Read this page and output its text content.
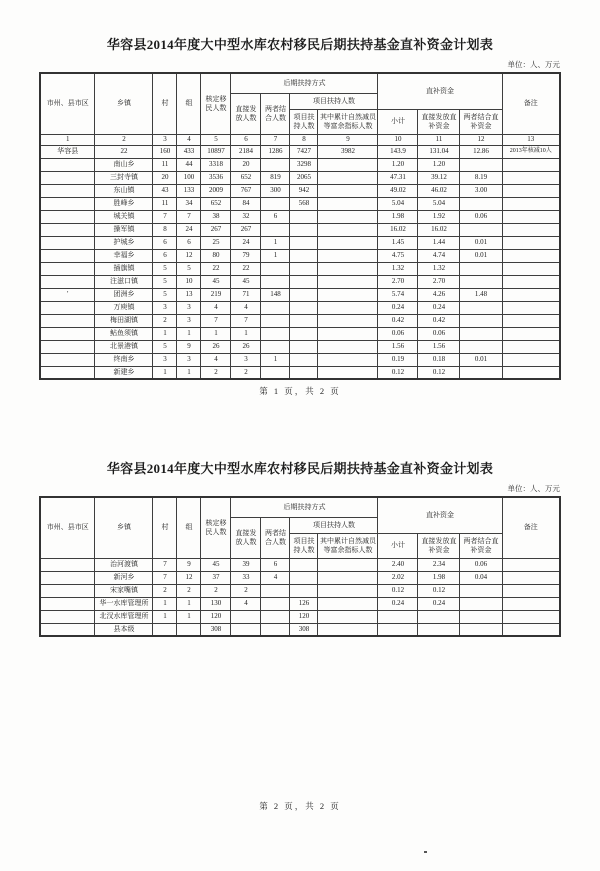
华容县2014年度大中型水库农村移民后期扶持基金直补资金计划表
单位：人、万元
市州、县市区	乡镇	村	组	核定移民人数	后期扶持方式				直补资金			备注
					直接发放人数	两者结合人数	项目扶持人数					
							项目扶持人数	其中累计自然减员等富余指标人数	小计	直接发放直补资金	两者结合直补资金	
1	2	3	4	5	6	7	8	9	10	11	12	13
华容县	22	160	433	10897	2184	1286	7427	3982	143.9	131.04	12.86	2013年核减10人
	南山乡	11	44	3318	20		3298		1.20	1.20		
	三封寺镇	20	100	3536	652	819	2065		47.31	39.12	8.19	
	东山镇	43	133	2009	767	300	942		49.02	46.02	3.00	
	胜峰乡	11	34	652	84		568		5.04	5.04		
	城关镇	7	7	38	32	6			1.98	1.92	0.06	
	操军镇	8	24	267	267				16.02	16.02		
	护城乡	6	6	25	24	1			1.45	1.44	0.01	
	幸福乡	6	12	80	79	1			4.75	4.74	0.01	
	插旗镇	5	5	22	22				1.32	1.32		
	注滋口镇	5	10	45	45				2.70	2.70		
'	团洲乡	5	13	219	71	148			5.74	4.26	1.48	
	万庾镇	3	3	4	4				0.24	0.24		
	梅田湖镇	2	3	7	7				0.42	0.42		
	鲇鱼须镇	1	1	1	1				0.06	0.06		
	北景港镇	5	9	26	26				1.56	1.56		
	终南乡	3	3	4	3	1			0.19	0.18	0.01	
	新建乡	1	1	2	2				0.12	0.12		
第 1 页，共 2 页
华容县2014年度大中型水库农村移民后期扶持基金直补资金计划表
单位：人、万元
市州、县市区	乡镇	村	组	核定移民人数	后期扶持方式				直补资金			备注
					直接发放人数	两者结合人数	项目扶持人数					
							项目扶持人数	其中累计自然减员等富余指标人数	小计	直接发放直补资金	两者结合直补资金	
	治河渡镇	7	9	45	39	6			2.40	2.34	0.06	
	新河乡	7	12	37	33	4			2.02	1.98	0.04	
	宋家嘴镇	2	2	2	2				0.12	0.12		
	华一水库管理所	1	1	130	4		126		0.24	0.24		
	北汊水库管理所	1	1	120			120					
	县本级			308			308					
第 2 页，共 2 页
